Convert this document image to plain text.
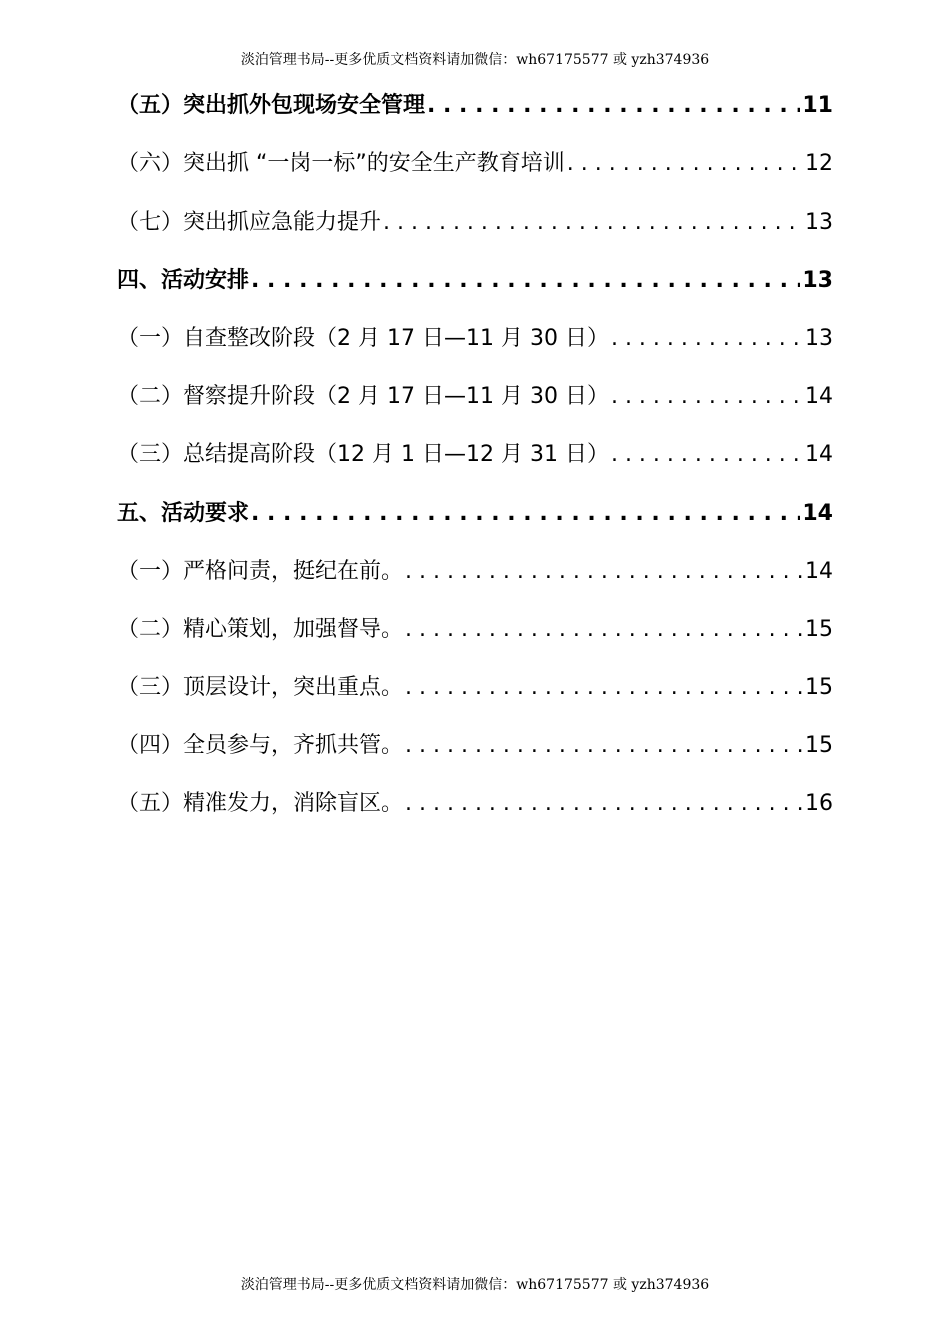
淡泊管理书局--更多优质文档资料请加微信：wh67175577 或 yzh374936
（五）突出抓外包现场安全管理 . . .	11
（六）突出抓 “一岗一标”的安全生产教育培训 . . .	12
（七）突出抓应急能力提升 . . .	13
四、活动安排 . . .	13
（一）自查整改阶段（2 月 17 日—11 月 30 日） . . .	13
（二）督察提升阶段（2 月 17 日—11 月 30 日） . . .	14
（三）总结提高阶段（12 月 1 日—12 月 31 日） . . .	14
五、活动要求 . . .	14
（一）严格问责，挺纪在前。 . . .	14
（二）精心策划，加强督导。 . . .	15
（三）顶层设计，突出重点。 . . .	15
（四）全员参与，齐抓共管。 . . .	15
（五）精准发力，消除盲区。 . . .	16
淡泊管理书局--更多优质文档资料请加微信：wh67175577 或 yzh374936
